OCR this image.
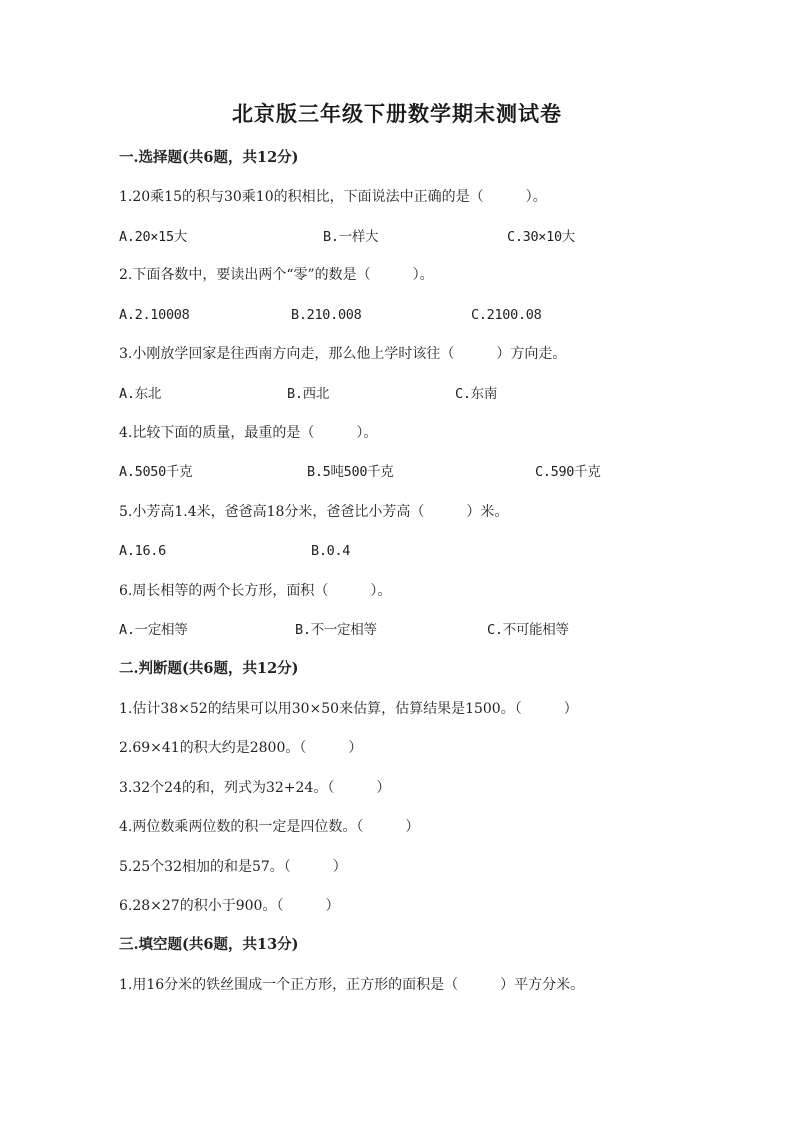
北京版三年级下册数学期末测试卷
一.选择题(共6题，共12分)
1.20乘15的积与30乘10的积相比，下面说法中正确的是（　　　）。
A.20×15大	B.一样大	C.30×10大
2.下面各数中，要读出两个“零”的数是（　　　）。
A.2.10008	B.210.008	C.2100.08
3.小刚放学回家是往西南方向走，那么他上学时该往（　　　）方向走。
A.东北	B.西北	C.东南
4.比较下面的质量，最重的是（　　　）。
A.5050千克	B.5吨500千克	C.590千克
5.小芳高1.4米，爸爸高18分米，爸爸比小芳高（　　　）米。
A.16.6	B.0.4
6.周长相等的两个长方形，面积（　　　）。
A.一定相等	B.不一定相等	C.不可能相等
二.判断题(共6题，共12分)
1.估计38×52的结果可以用30×50来估算，估算结果是1500。（　　　）
2.69×41的积大约是2800。（　　　）
3.32个24的和，列式为32+24。（　　　）
4.两位数乘两位数的积一定是四位数。（　　　）
5.25个32相加的和是57。（　　　）
6.28×27的积小于900。（　　　）
三.填空题(共6题，共13分)
1.用16分米的铁丝围成一个正方形，正方形的面积是（　　　）平方分米。
